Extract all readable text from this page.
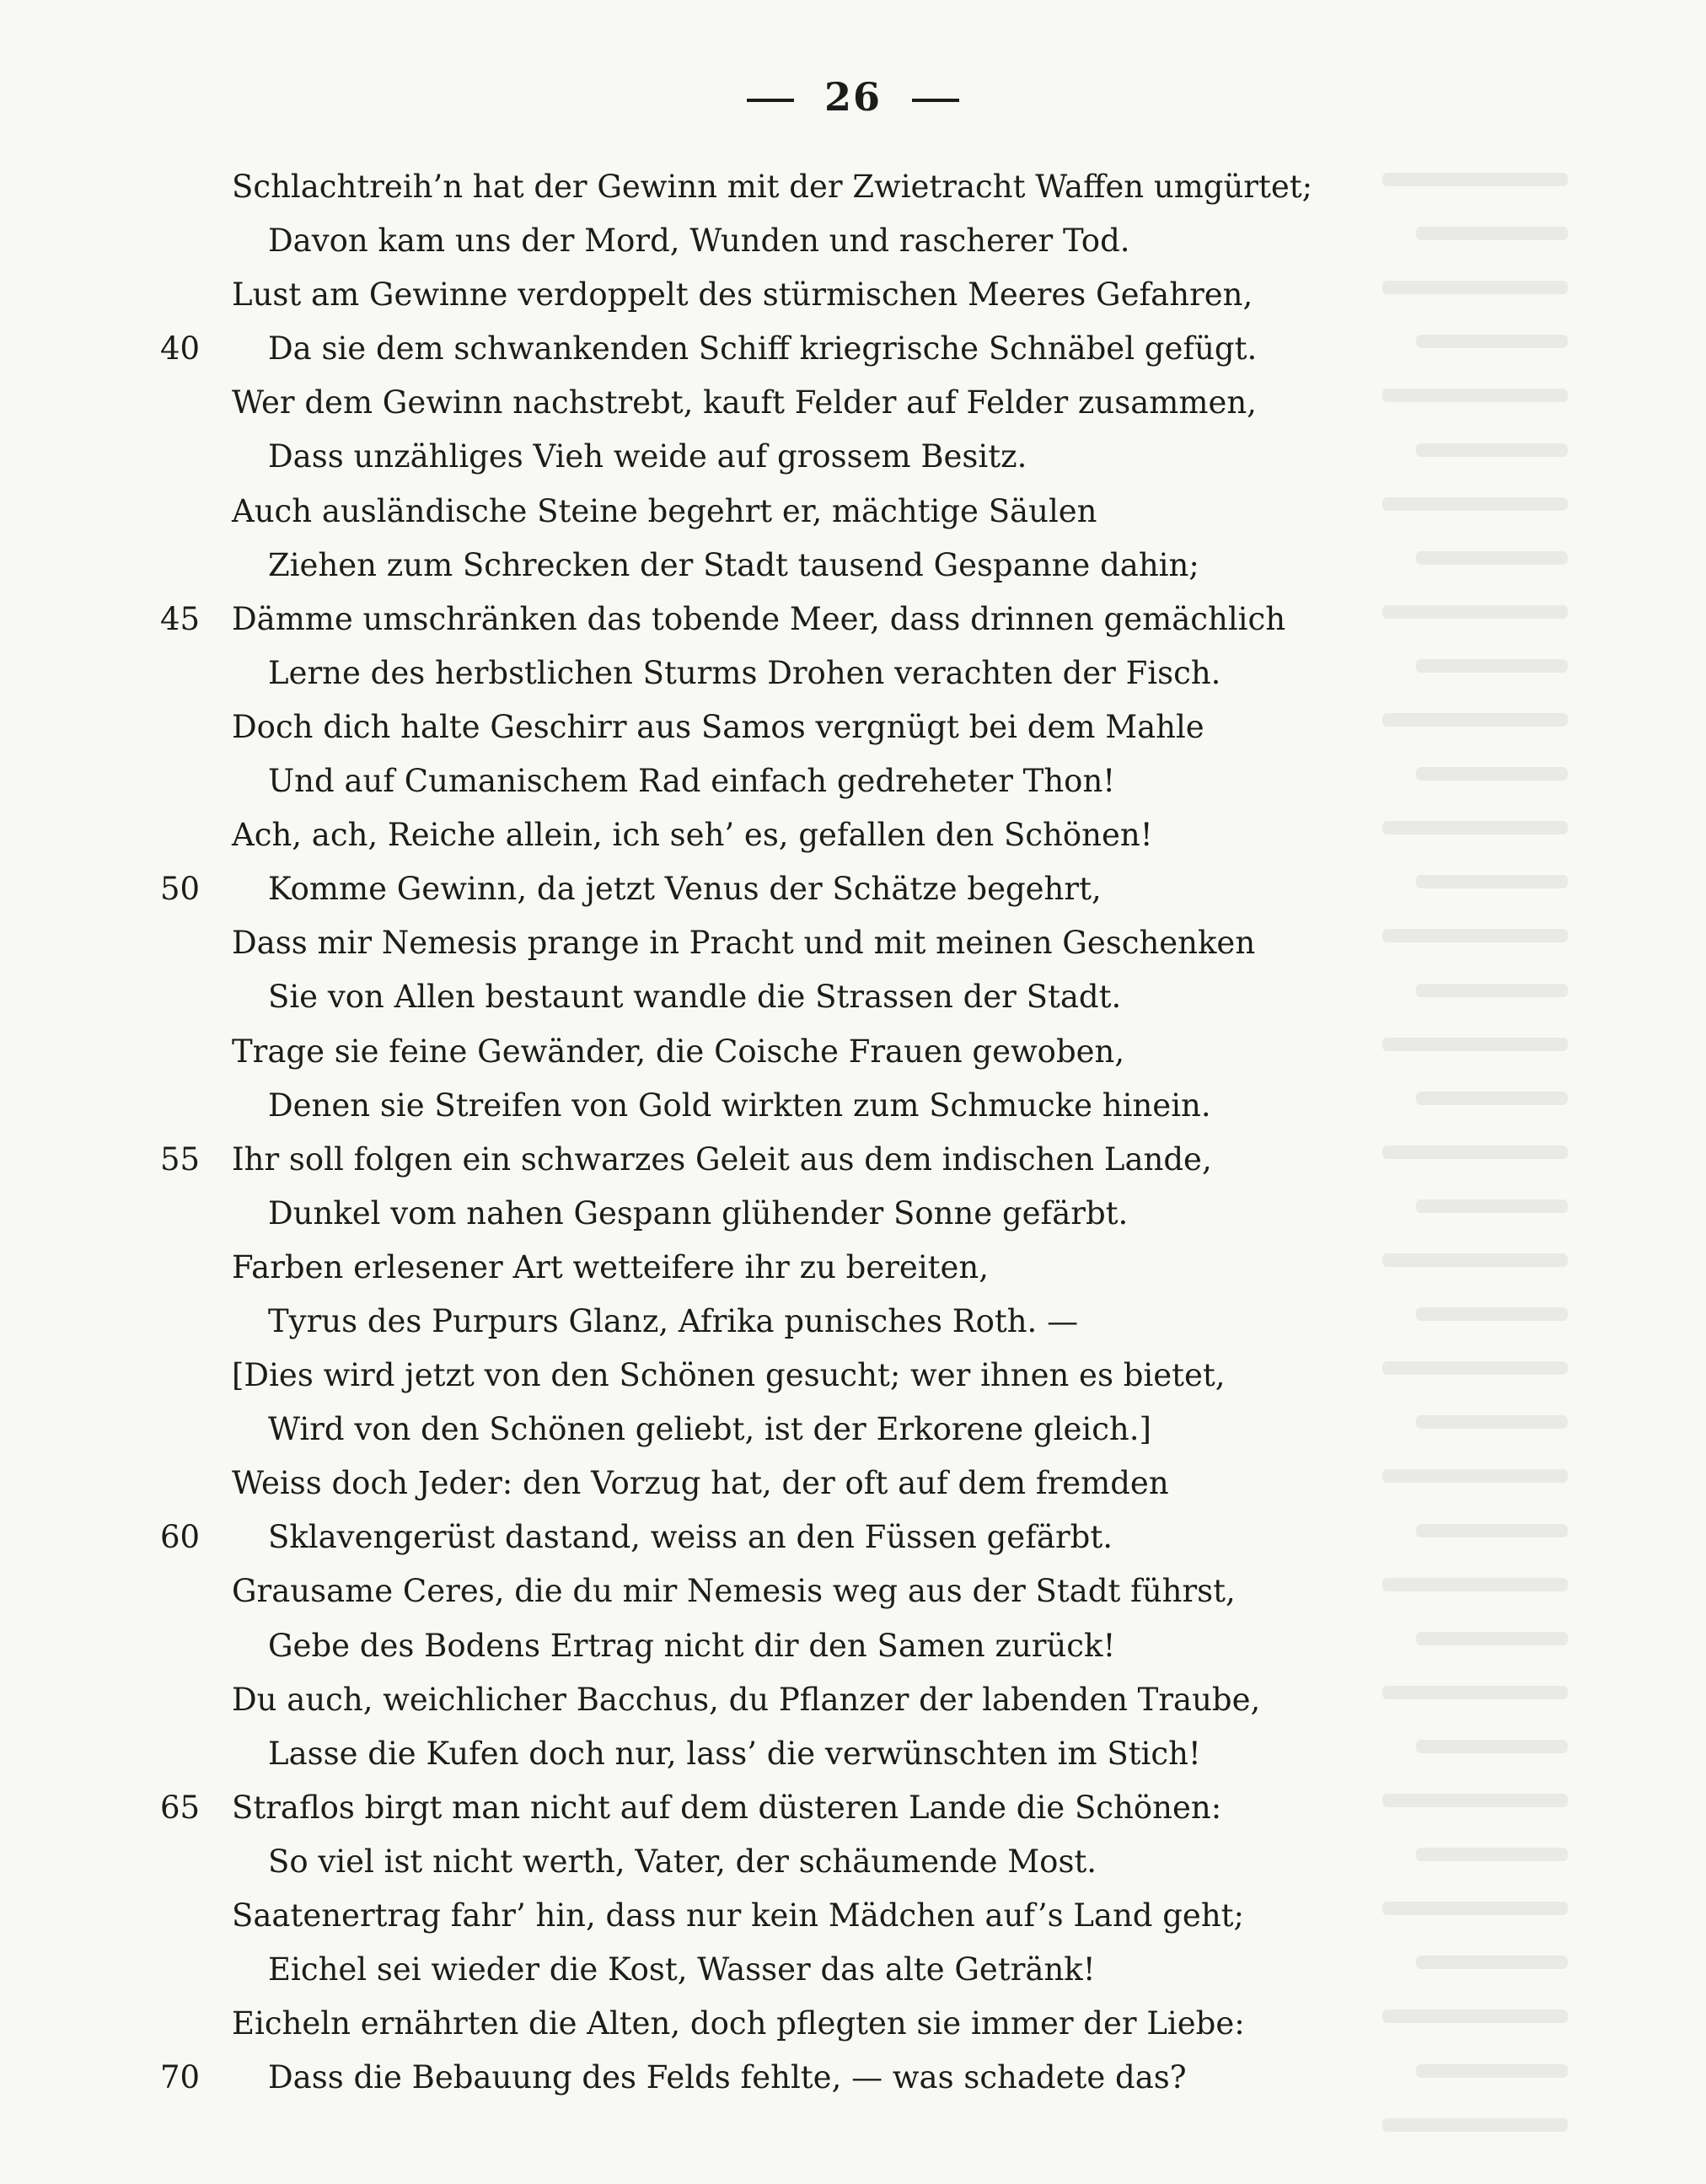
26
Schlachtreih’n hat der Gewinn mit der Zwietracht Waffen umgürtet;
Davon kam uns der Mord, Wunden und rascherer Tod.
Lust am Gewinne verdoppelt des stürmischen Meeres Gefahren,
40	Da sie dem schwankenden Schiff kriegrische Schnäbel gefügt.
Wer dem Gewinn nachstrebt, kauft Felder auf Felder zusammen,
Dass unzähliges Vieh weide auf grossem Besitz.
Auch ausländische Steine begehrt er, mächtige Säulen
Ziehen zum Schrecken der Stadt tausend Gespanne dahin;
45	Dämme umschränken das tobende Meer, dass drinnen gemächlich
Lerne des herbstlichen Sturms Drohen verachten der Fisch.
Doch dich halte Geschirr aus Samos vergnügt bei dem Mahle
Und auf Cumanischem Rad einfach gedreheter Thon!
Ach, ach, Reiche allein, ich seh’ es, gefallen den Schönen!
50	Komme Gewinn, da jetzt Venus der Schätze begehrt,
Dass mir Nemesis prange in Pracht und mit meinen Geschenken
Sie von Allen bestaunt wandle die Strassen der Stadt.
Trage sie feine Gewänder, die Coische Frauen gewoben,
Denen sie Streifen von Gold wirkten zum Schmucke hinein.
55	Ihr soll folgen ein schwarzes Geleit aus dem indischen Lande,
Dunkel vom nahen Gespann glühender Sonne gefärbt.
Farben erlesener Art wetteifere ihr zu bereiten,
Tyrus des Purpurs Glanz, Afrika punisches Roth. —
[Dies wird jetzt von den Schönen gesucht; wer ihnen es bietet,
Wird von den Schönen geliebt, ist der Erkorene gleich.]
Weiss doch Jeder: den Vorzug hat, der oft auf dem fremden
60	Sklavengerüst dastand, weiss an den Füssen gefärbt.
Grausame Ceres, die du mir Nemesis weg aus der Stadt führst,
Gebe des Bodens Ertrag nicht dir den Samen zurück!
Du auch, weichlicher Bacchus, du Pflanzer der labenden Traube,
Lasse die Kufen doch nur, lass’ die verwünschten im Stich!
65	Straflos birgt man nicht auf dem düsteren Lande die Schönen:
So viel ist nicht werth, Vater, der schäumende Most.
Saatenertrag fahr’ hin, dass nur kein Mädchen auf’s Land geht;
Eichel sei wieder die Kost, Wasser das alte Getränk!
Eicheln ernährten die Alten, doch pflegten sie immer der Liebe:
70	Dass die Bebauung des Felds fehlte, — was schadete das?
